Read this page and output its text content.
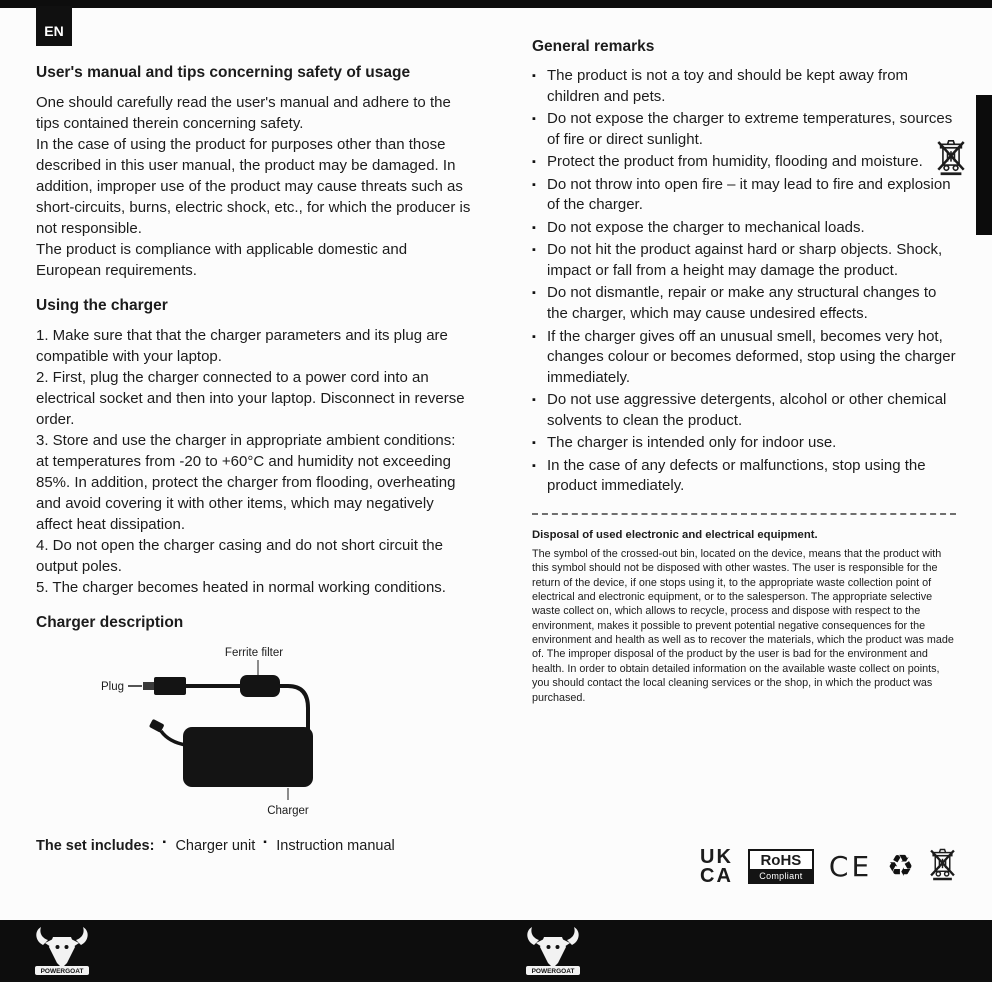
EN
User's manual and tips concerning safety of usage

One should carefully read the user's manual and adhere to the tips contained therein concerning safety.

In the case of using the product for purposes other than those described in this user manual, the product may be damaged. In addition, improper use of the product may cause threats such as short-circuits, burns, electric shock, etc., for which the producer is not responsible.

The product is compliance with applicable domestic and European requirements.

Using the charger

1. Make sure that that the charger parameters and its plug are compatible with your laptop.

2. First, plug the charger connected to a power cord into an electrical socket and then into your laptop. Disconnect in reverse order.

3. Store and use the charger in appropriate ambient conditions: at temperatures from -20 to +60°C and humidity not exceeding 85%. In addition, protect the charger from flooding, overheating and avoid covering it with other items, which may negatively affect heat dissipation.

4. Do not open the charger casing and do not short circuit the output poles.

5. The charger becomes heated in normal working conditions.

Charger description
Ferrite filter
Plug
Charger
The set includes:	▪ Charger unit	▪ Instruction manual
General remarks
▪ The product is not a toy and should be kept away from children and pets.
▪ Do not expose the charger to extreme temperatures, sources of fire or direct sunlight.
▪ Protect the product from humidity, flooding and moisture.
▪ Do not throw into open fire – it may lead to fire and explosion of the charger.
▪ Do not expose the charger to mechanical loads.
▪ Do not hit the product against hard or sharp objects. Shock, impact or fall from a height may damage the product.
▪ Do not dismantle, repair or make any structural changes to the charger, which may cause undesired effects.
▪ If the charger gives off an unusual smell, becomes very hot, changes colour or becomes deformed, stop using the charger immediately.
▪ Do not use aggressive detergents, alcohol or other chemical solvents to clean the product.
▪ The charger is intended only for indoor use.
▪ In the case of any defects or malfunctions, stop using the product immediately.
Disposal of used electronic and electrical equipment.

The symbol of the crossed-out bin, located on the device, means that the product with this symbol should not be disposed with other wastes. The user is responsible for the return of the device, if one stops using it, to the appropriate waste collection point of electrical and electronic equipment, or to the salesperson. The appropriate selective waste collect on, which allows to recycle, process and dispose with respect to the environment, makes it possible to prevent potential negative consequences for the environment and health as well as to recover the materials, which the product was made of. The improper disposal of the product by the user is bad for the environment and health. In order to obtain detailed information on the available waste collect on points, you should contact the local cleaning services or the shop, in which the product was purchased.

UK
CA
RoHS
Compliant CE ♻
POWERGOAT	POWERGOAT
